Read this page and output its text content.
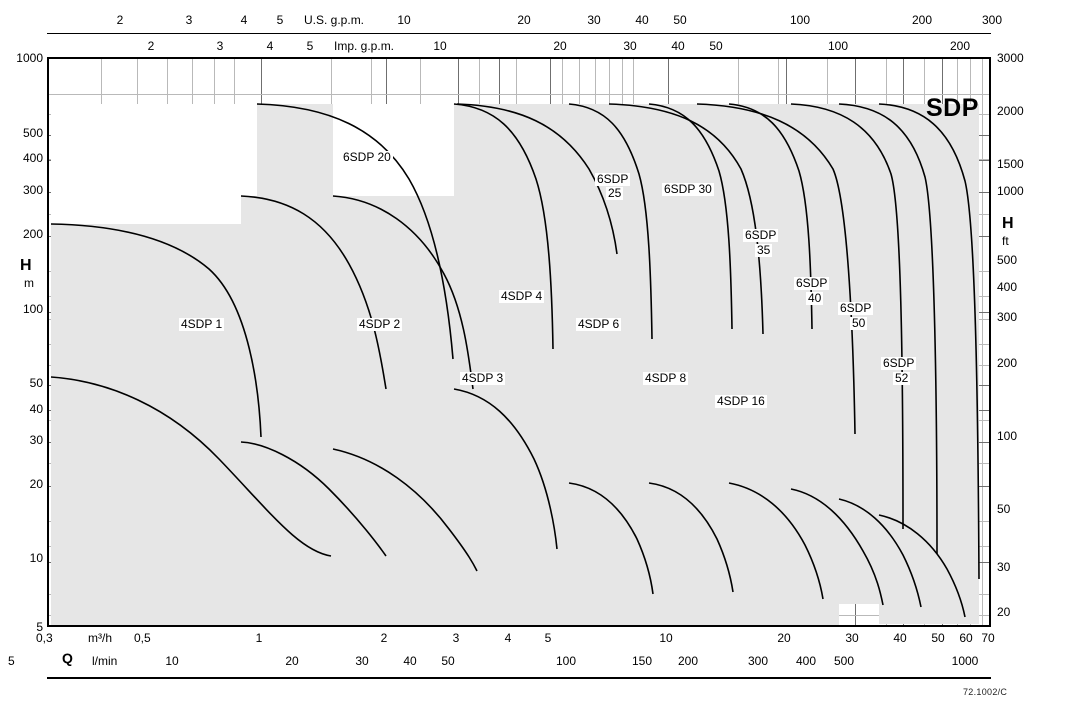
2	3	4	5	U.S. g.p.m.	10	20	30	40	50	100	200	300
2	3	4	5	Imp. g.p.m.	10	20	30	40	50	100	200
1000
500
400
300
200
100
50
40
30
20
10
5
H
m
3000
2000
1500
1000
500
400
300
200
100
50
30
20
H
ft
0,3	m³/h 0,5	1	2	3	4	5	10	20	30	40	50	60 70
5	Q l/min	10	20	30	40	50	100	150	200	300	400	500	1000
72.1002/C
SDP
6SDP 20
6SDP
25	6SDP 30
6SDP
35
6SDP
40
6SDP
50
6SDP
52
4SDP 1	4SDP 2
4SDP 3
4SDP 4
4SDP 6
4SDP 8
4SDP 16
